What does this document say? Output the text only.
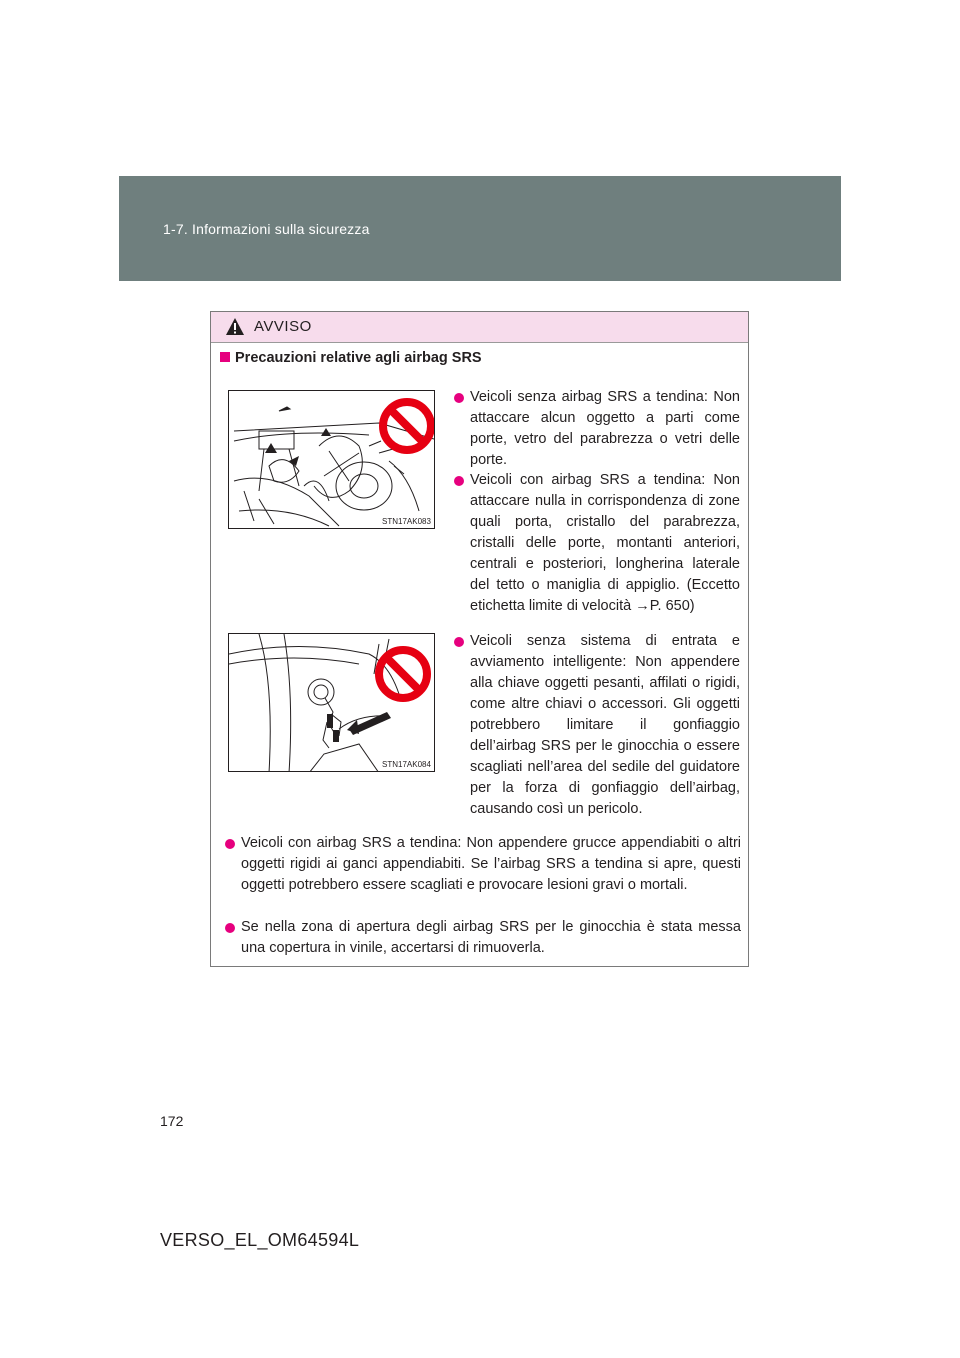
1-7. Informazioni sulla sicurezza
AVVISO
Precauzioni relative agli airbag SRS
STN17AK083
STN17AK084
Veicoli senza airbag SRS a tendina: Non attaccare alcun oggetto a parti come porte, vetro del parabrezza o vetri delle porte.
Veicoli con airbag SRS a tendina: Non attaccare nulla in corrispondenza di zone quali porta, cristallo del parabrezza, cristalli delle porte, montanti anteriori, centrali e posteriori, longherina laterale del tetto o maniglia di appiglio. (Eccetto etichetta limite di velocità →P. 650)
Veicoli senza sistema di entrata e avviamento intelligente: Non appendere alla chiave oggetti pesanti, affilati o rigidi, come altre chiavi o accessori. Gli oggetti potrebbero limitare il gonfiaggio dell’airbag SRS per le ginocchia o essere scagliati nell’area del sedile del guidatore per la forza di gonfiaggio dell’airbag, causando così un pericolo.
Veicoli con airbag SRS a tendina: Non appendere grucce appendiabiti o altri oggetti rigidi ai ganci appendiabiti. Se l’airbag SRS a tendina si apre, questi oggetti potrebbero essere scagliati e provocare lesioni gravi o mortali.
Se nella zona di apertura degli airbag SRS per le ginocchia è stata messa una copertura in vinile, accertarsi di rimuoverla.
172
VERSO_EL_OM64594L
